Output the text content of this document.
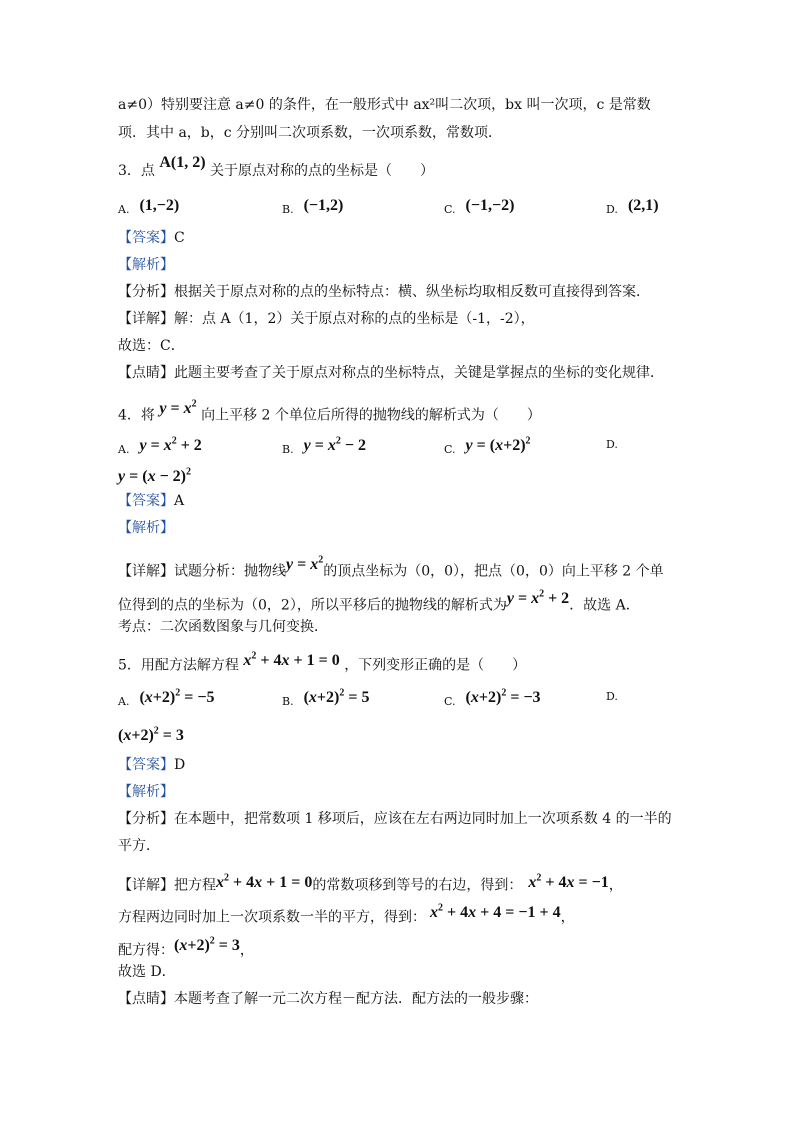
a≠0）特别要注意 a≠0 的条件，在一般形式中 ax²叫二次项，bx 叫一次项，c 是常数
项．其中 a，b，c 分别叫二次项系数，一次项系数，常数项．
3．点 A(1, 2) 关于原点对称的点的坐标是（　　）
$_{A.}$ (1,−2)	$_{B.}$ (−1,2)	$_{C.}$ (−1,−2)	$_{D.}$ (2,1)
【答案】C
【解析】
【分析】根据关于原点对称的点的坐标特点：横、纵坐标均取相反数可直接得到答案．
【详解】解：点 A（1，2）关于原点对称的点的坐标是（-1，-2），
故选：C．
【点睛】此题主要考查了关于原点对称点的坐标特点，关键是掌握点的坐标的变化规律．
4．将 $y = x^2$ 向上平移 2 个单位后所得的抛物线的解析式为（　　）
$_{A.}$ $y = x^2 + 2$	$_{B.}$ $y = x^2 - 2$	$_{C.}$ $y = (x+2)^2$	$_{D.}$
$y = (x - 2)^2$
【答案】A
【解析】
【详解】试题分析：抛物线$y = x^2$的顶点坐标为（0，0），把点（0，0）向上平移 2 个单
位得到的点的坐标为（0，2），所以平移后的抛物线的解析式为$y = x^2 + 2$．故选 A．
考点：二次函数图象与几何变换．
5．用配方法解方程 $x^2 + 4x + 1 = 0$ ，下列变形正确的是（　　）
$_{A.}$ $(x+2)^2 = -5$	$_{B.}$ $(x+2)^2 = 5$	$_{C.}$ $(x+2)^2 = -3$	$_{D.}$
$(x+2)^2 = 3$
【答案】D
【解析】
【分析】在本题中，把常数项 1 移项后，应该在左右两边同时加上一次项系数 4 的一半的
平方．
【详解】把方程$x^2 + 4x + 1 = 0$的常数项移到等号的右边，得到： $x^2 + 4x = -1$，
方程两边同时加上一次项系数一半的平方，得到： $x^2 + 4x + 4 = -1 + 4$，
配方得：$(x+2)^2 = 3$，
故选 D．
【点睛】本题考查了解一元二次方程－配方法．配方法的一般步骤：
